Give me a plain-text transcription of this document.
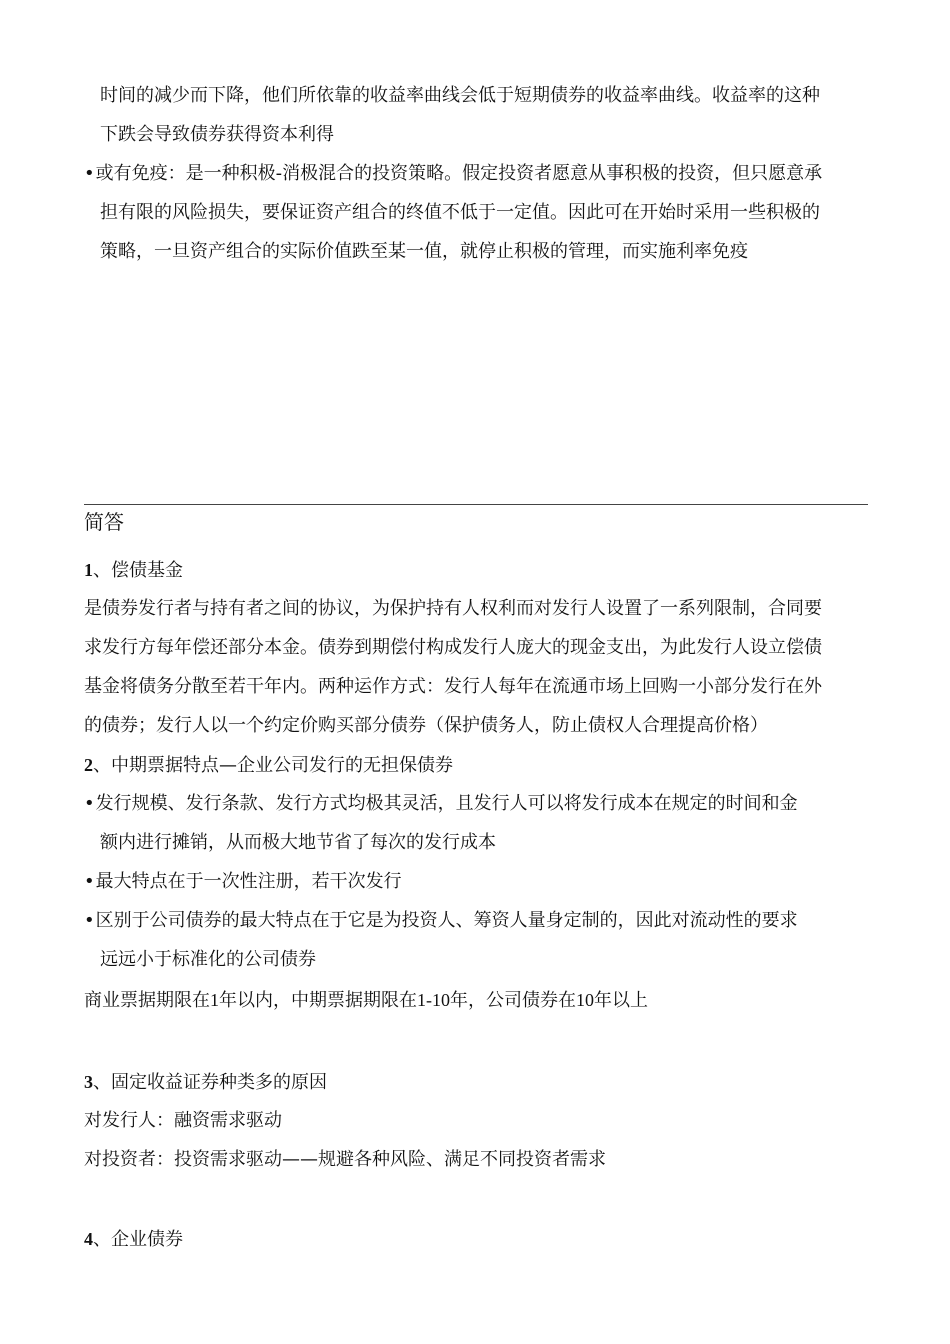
时间的减少而下降，他们所依靠的收益率曲线会低于短期债券的收益率曲线。收益率的这种
下跌会导致债券获得资本利得
•或有免疫：是一种积极-消极混合的投资策略。假定投资者愿意从事积极的投资，但只愿意承
担有限的风险损失，要保证资产组合的终值不低于一定值。因此可在开始时采用一些积极的
策略，一旦资产组合的实际价值跌至某一值，就停止积极的管理，而实施利率免疫
简答
1、偿债基金
是债券发行者与持有者之间的协议，为保护持有人权利而对发行人设置了一系列限制，合同要
求发行方每年偿还部分本金。债券到期偿付构成发行人庞大的现金支出，为此发行人设立偿债
基金将债务分散至若干年内。两种运作方式：发行人每年在流通市场上回购一小部分发行在外
的债券；发行人以一个约定价购买部分债券（保护债务人，防止债权人合理提高价格）
2、中期票据特点—企业公司发行的无担保债券
•发行规模、发行条款、发行方式均极其灵活，且发行人可以将发行成本在规定的时间和金
额内进行摊销，从而极大地节省了每次的发行成本
•最大特点在于一次性注册，若干次发行
•区别于公司债券的最大特点在于它是为投资人、筹资人量身定制的，因此对流动性的要求
远远小于标准化的公司债券
商业票据期限在1年以内，中期票据期限在1-10年，公司债券在10年以上
3、固定收益证券种类多的原因
对发行人：融资需求驱动
对投资者：投资需求驱动——规避各种风险、满足不同投资者需求
4、企业债券
